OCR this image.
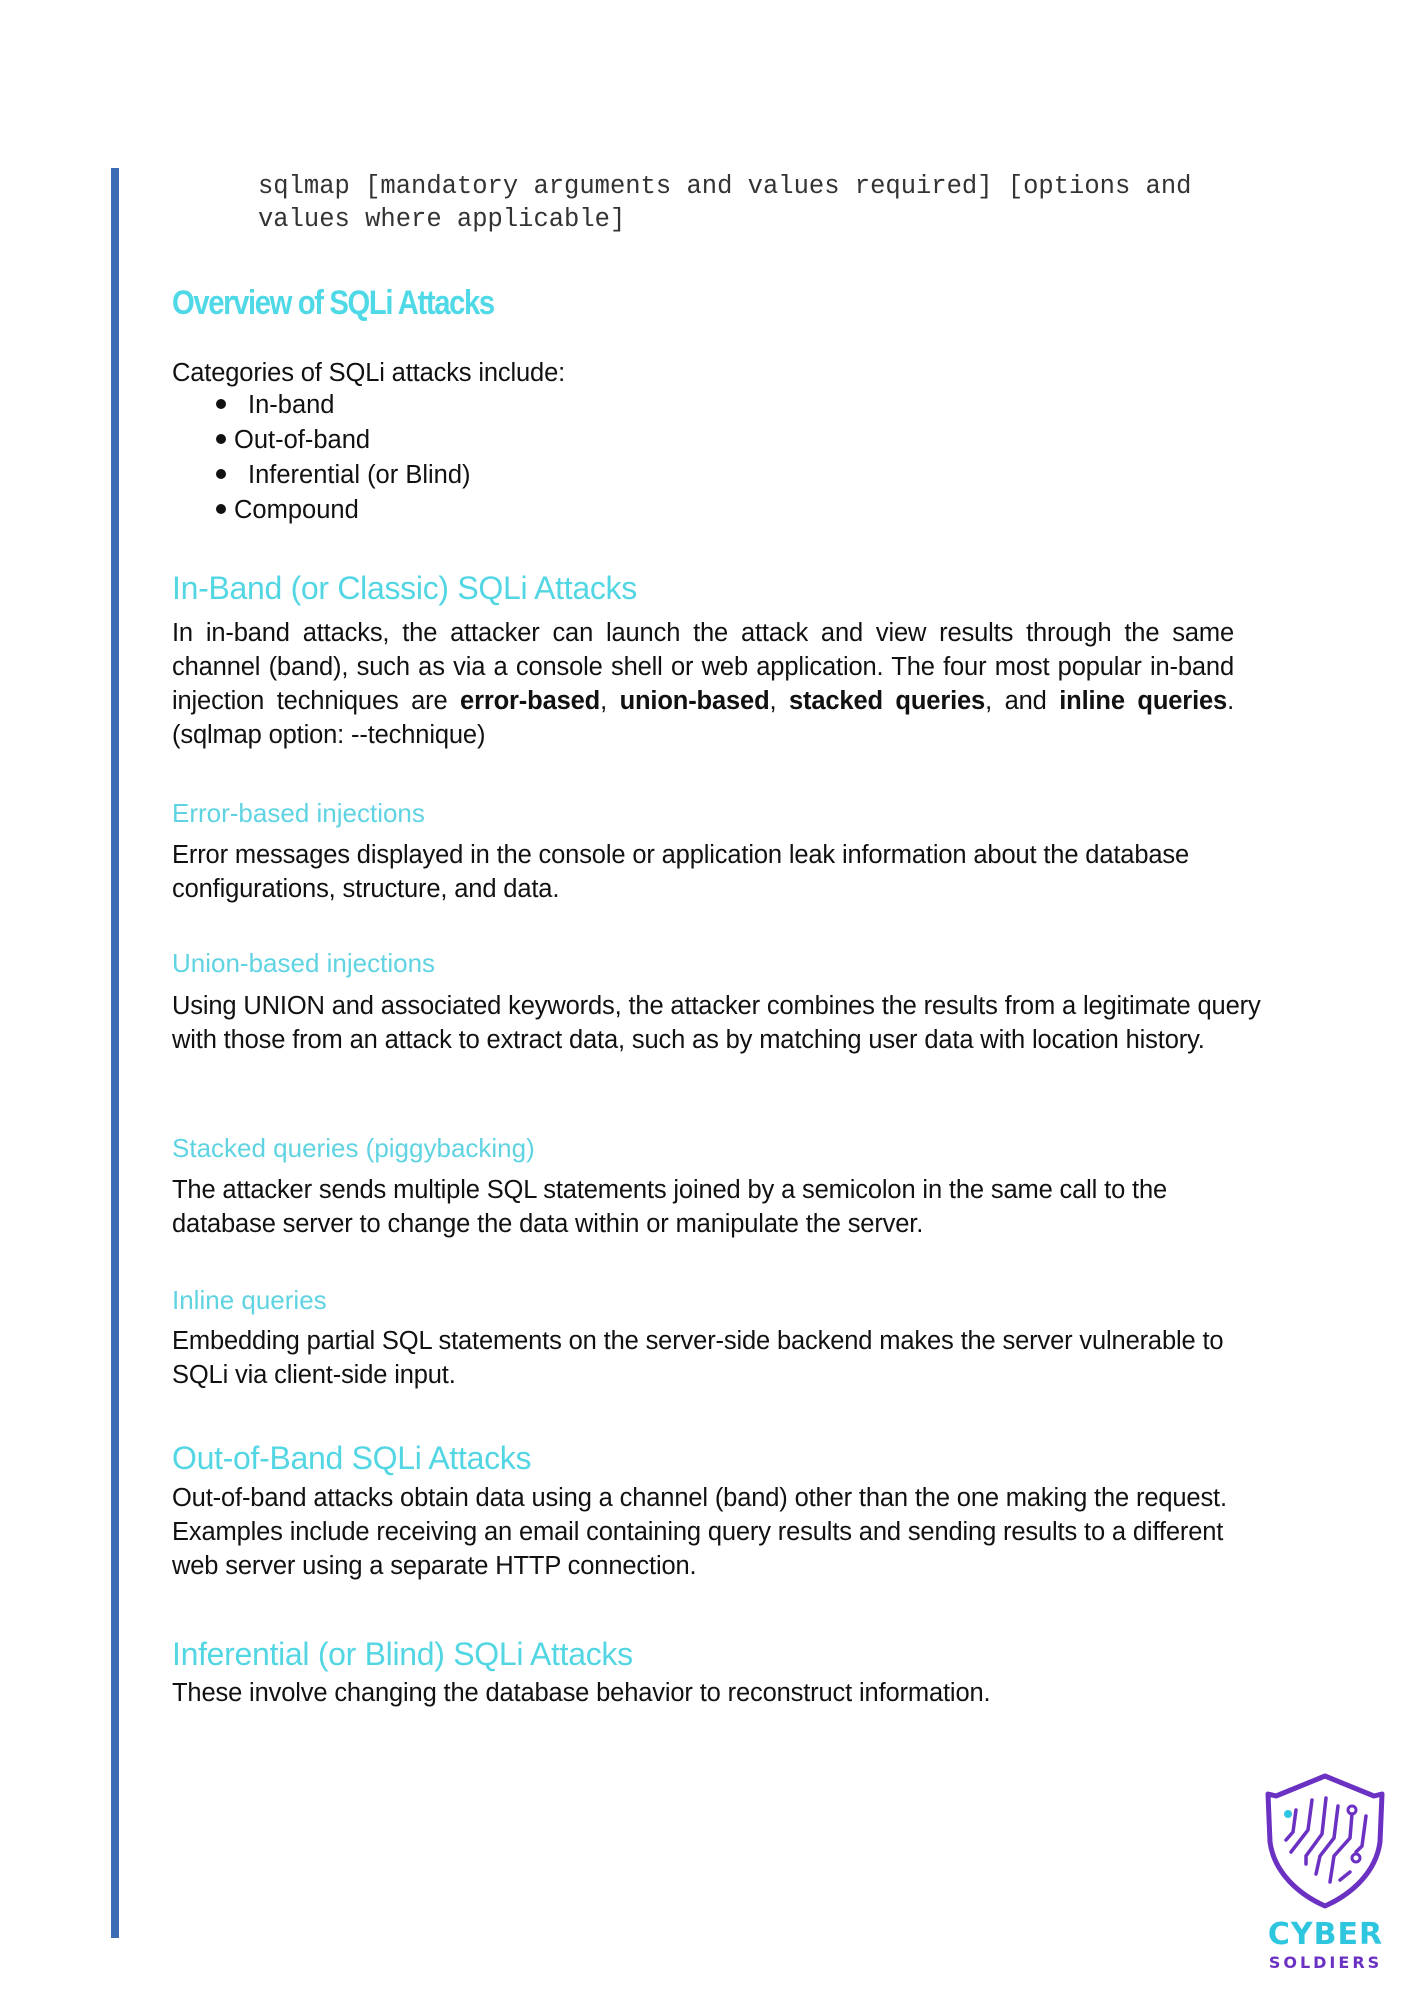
sqlmap [mandatory arguments and values required] [options and
values where applicable]
Overview of SQLi Attacks
Categories of SQLi attacks include:
In-band
Out-of-band
Inferential (or Blind)
Compound
In-Band (or Classic) SQLi Attacks

In in-band attacks, the attacker can launch the attack and view results through the same channel (band), such as via a console shell or web application. The four most popular in-band injection techniques are error-based, union-based, stacked queries, and inline queries. (sqlmap option: --technique)

Error-based injections

Error messages displayed in the console or application leak information about the database configurations, structure, and data.

Union-based injections

Using UNION and associated keywords, the attacker combines the results from a legitimate query with those from an attack to extract data, such as by matching user data with location history.

Stacked queries (piggybacking)

The attacker sends multiple SQL statements joined by a semicolon in the same call to the database server to change the data within or manipulate the server.

Inline queries

Embedding partial SQL statements on the server-side backend makes the server vulnerable to SQLi via client-side input.

Out-of-Band SQLi Attacks

Out-of-band attacks obtain data using a channel (band) other than the one making the request. Examples include receiving an email containing query results and sending results to a different web server using a separate HTTP connection.

Inferential (or Blind) SQLi Attacks

These involve changing the database behavior to reconstruct information.

CYBER
SOLDIERS
